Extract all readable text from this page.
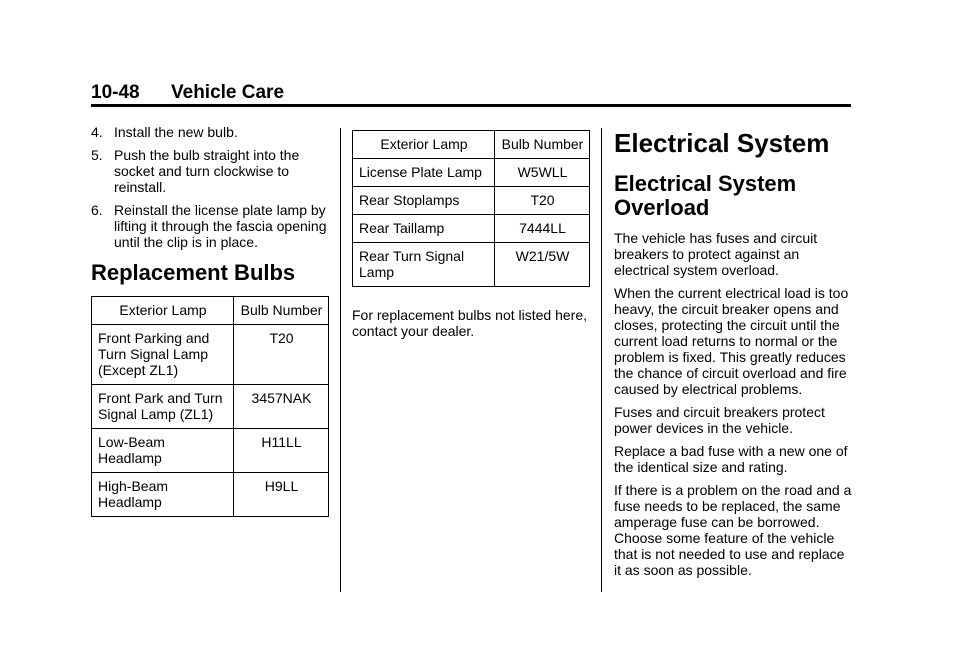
10-48 Vehicle Care
4. Install the new bulb.
5. Push the bulb straight into the socket and turn clockwise to reinstall.
6. Reinstall the license plate lamp by lifting it through the fascia opening until the clip is in place.
Replacement Bulbs
Exterior Lamp	Bulb Number
Front Parking and Turn Signal Lamp (Except ZL1)	T20
Front Park and Turn Signal Lamp (ZL1)	3457NAK
Low-Beam Headlamp	H11LL
High-Beam Headlamp	H9LL
Exterior Lamp	Bulb Number
License Plate Lamp	W5WLL
Rear Stoplamps	T20
Rear Taillamp	7444LL
Rear Turn Signal Lamp	W21/5W

For replacement bulbs not listed here, contact your dealer.

Electrical System
Electrical System Overload

The vehicle has fuses and circuit breakers to protect against an electrical system overload.

When the current electrical load is too heavy, the circuit breaker opens and closes, protecting the circuit until the current load returns to normal or the problem is fixed. This greatly reduces the chance of circuit overload and fire caused by electrical problems.

Fuses and circuit breakers protect power devices in the vehicle.

Replace a bad fuse with a new one of the identical size and rating.

If there is a problem on the road and a fuse needs to be replaced, the same amperage fuse can be borrowed. Choose some feature of the vehicle that is not needed to use and replace it as soon as possible.
